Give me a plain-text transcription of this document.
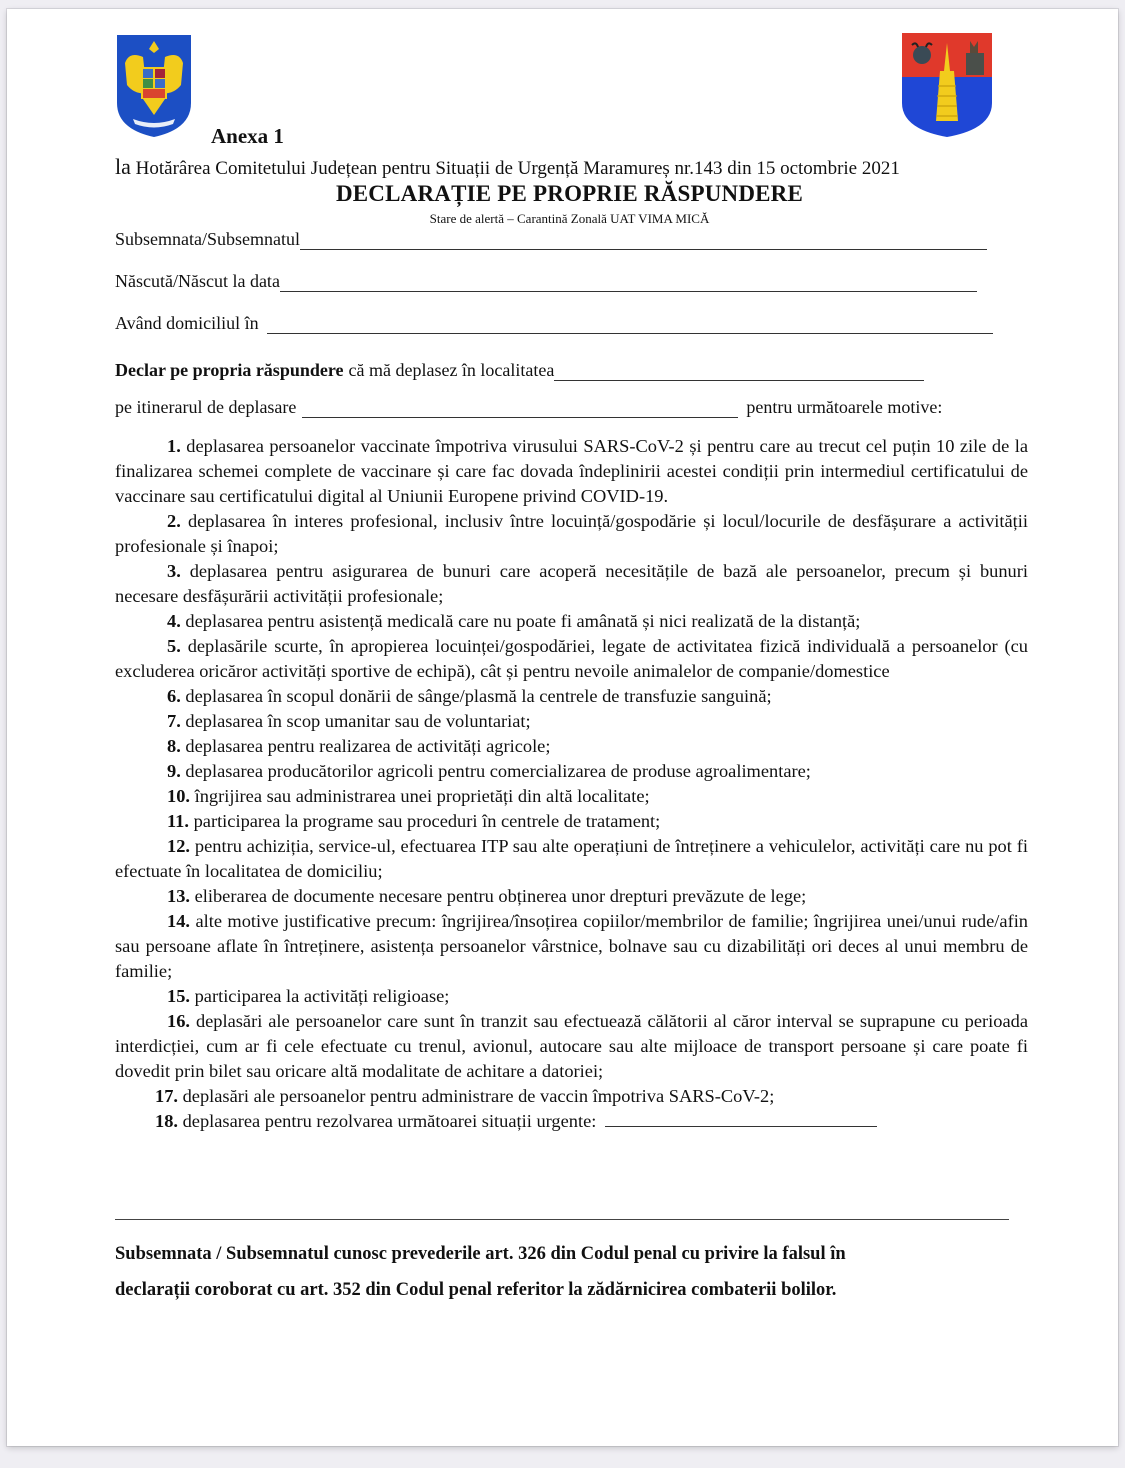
Anexa 1
la Hotărârea Comitetului Județean pentru Situații de Urgență Maramureș nr.143 din 15 octombrie 2021
DECLARAȚIE PE PROPRIE RĂSPUNDERE
Stare de alertă – Carantină Zonală UAT VIMA MICĂ
Subsemnata/Subsemnatul
Născută/Născut la data
Având domiciliul în
Declar pe propria răspundere că mă deplasez în localitatea
pe itinerarul de deplasare	pentru următoarele motive:

1. deplasarea persoanelor vaccinate împotriva virusului SARS-CoV-2 și pentru care au trecut cel puțin 10 zile de la finalizarea schemei complete de vaccinare și care fac dovada îndeplinirii acestei condiții prin intermediul certificatului de vaccinare sau certificatului digital al Uniunii Europene privind COVID-19.

2. deplasarea în interes profesional, inclusiv între locuință/gospodărie și locul/locurile de desfășurare a activității profesionale și înapoi;

3. deplasarea pentru asigurarea de bunuri care acoperă necesitățile de bază ale persoanelor, precum și bunuri necesare desfășurării activității profesionale;

4. deplasarea pentru asistență medicală care nu poate fi amânată și nici realizată de la distanță;

5. deplasările scurte, în apropierea locuinței/gospodăriei, legate de activitatea fizică individuală a persoanelor (cu excluderea oricăror activități sportive de echipă), cât și pentru nevoile animalelor de companie/domestice

6. deplasarea în scopul donării de sânge/plasmă la centrele de transfuzie sanguină;

7. deplasarea în scop umanitar sau de voluntariat;

8. deplasarea pentru realizarea de activități agricole;

9. deplasarea producătorilor agricoli pentru comercializarea de produse agroalimentare;

10. îngrijirea sau administrarea unei proprietăți din altă localitate;

11. participarea la programe sau proceduri în centrele de tratament;

12. pentru achiziția, service-ul, efectuarea ITP sau alte operațiuni de întreținere a vehiculelor, activități care nu pot fi efectuate în localitatea de domiciliu;

13. eliberarea de documente necesare pentru obținerea unor drepturi prevăzute de lege;

14. alte motive justificative precum: îngrijirea/însoțirea copiilor/membrilor de familie; îngrijirea unei/unui rude/afin sau persoane aflate în întreținere, asistența persoanelor vârstnice, bolnave sau cu dizabilități ori deces al unui membru de familie;

15. participarea la activități religioase;

16. deplasări ale persoanelor care sunt în tranzit sau efectuează călătorii al căror interval se suprapune cu perioada interdicției, cum ar fi cele efectuate cu trenul, avionul, autocare sau alte mijloace de transport persoane și care poate fi dovedit prin bilet sau oricare altă modalitate de achitare a datoriei;

17. deplasări ale persoanelor pentru administrare de vaccin împotriva SARS-CoV-2;

18. deplasarea pentru rezolvarea următoarei situații urgente:

Subsemnata / Subsemnatul cunosc prevederile art. 326 din Codul penal cu privire la falsul în
declarații coroborat cu art. 352 din Codul penal referitor la zădărnicirea combaterii bolilor.
